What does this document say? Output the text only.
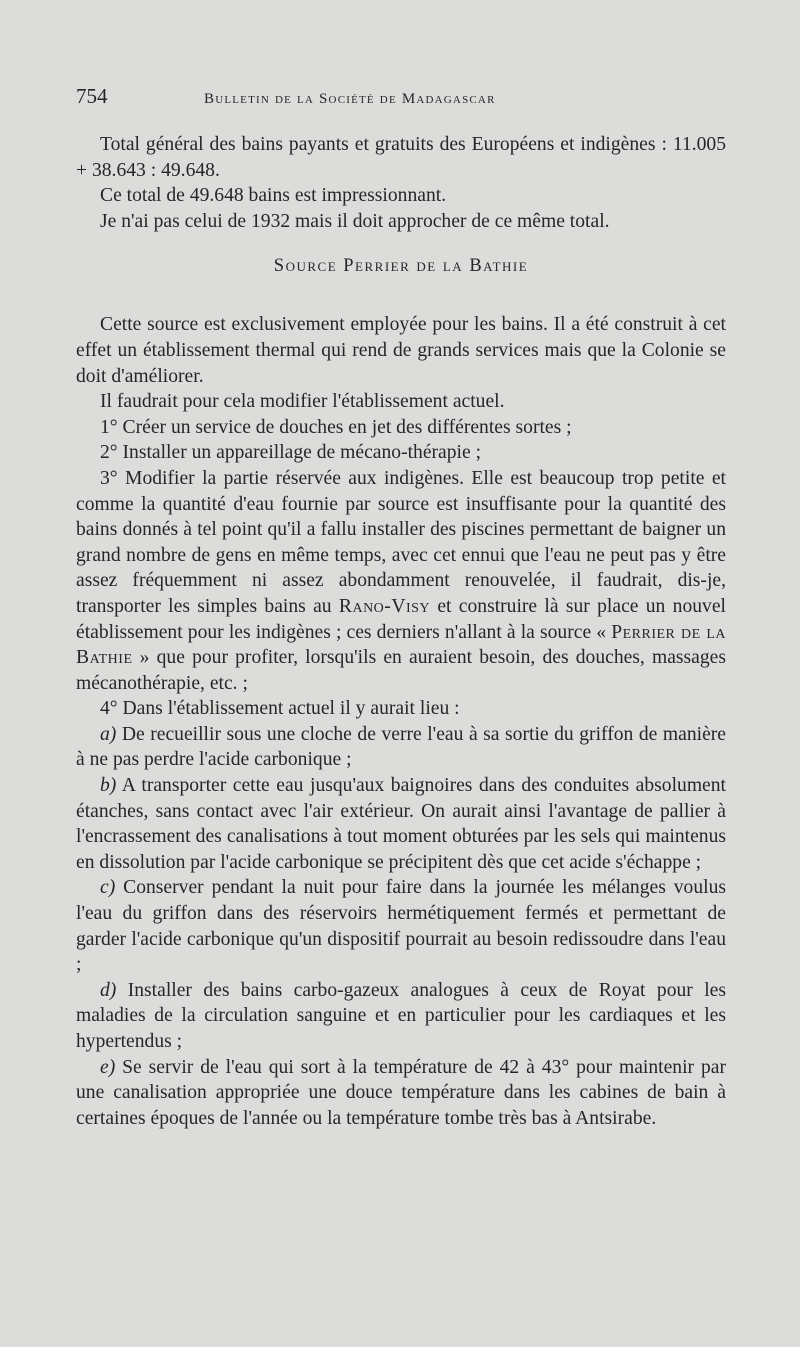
754	Bulletin de la Société de Madagascar

Total général des bains payants et gratuits des Européens et indigènes : 11.005 + 38.643 : 49.648.

Ce total de 49.648 bains est impressionnant.

Je n'ai pas celui de 1932 mais il doit approcher de ce même total.

Source Perrier de la Bathie

Cette source est exclusivement employée pour les bains. Il a été construit à cet effet un établissement thermal qui rend de grands services mais que la Colonie se doit d'améliorer.

Il faudrait pour cela modifier l'établissement actuel.

1° Créer un service de douches en jet des différentes sortes ;

2° Installer un appareillage de mécano-thérapie ;

3° Modifier la partie réservée aux indigènes. Elle est beaucoup trop petite et comme la quantité d'eau fournie par source est insuffisante pour la quantité des bains donnés à tel point qu'il a fallu installer des piscines permettant de baigner un grand nombre de gens en même temps, avec cet ennui que l'eau ne peut pas y être assez fréquemment ni assez abondamment renouvelée, il faudrait, dis-je, transporter les simples bains au Rano-Visy et construire là sur place un nouvel établissement pour les indigènes ; ces derniers n'allant à la source « Perrier de la Bathie » que pour profiter, lorsqu'ils en auraient besoin, des douches, massages mécanothérapie, etc. ;

4° Dans l'établissement actuel il y aurait lieu :

a) De recueillir sous une cloche de verre l'eau à sa sortie du griffon de manière à ne pas perdre l'acide carbonique ;

b) A transporter cette eau jusqu'aux baignoires dans des conduites absolument étanches, sans contact avec l'air extérieur. On aurait ainsi l'avantage de pallier à l'encrassement des canalisations à tout moment obturées par les sels qui maintenus en dissolution par l'acide carbonique se précipitent dès que cet acide s'échappe ;

c) Conserver pendant la nuit pour faire dans la journée les mélanges voulus l'eau du griffon dans des réservoirs hermétiquement fermés et permettant de garder l'acide carbonique qu'un dispositif pourrait au besoin redissoudre dans l'eau ;

d) Installer des bains carbo-gazeux analogues à ceux de Royat pour les maladies de la circulation sanguine et en particulier pour les cardiaques et les hypertendus ;

e) Se servir de l'eau qui sort à la température de 42 à 43° pour maintenir par une canalisation appropriée une douce température dans les cabines de bain à certaines époques de l'année ou la température tombe très bas à Antsirabe.
